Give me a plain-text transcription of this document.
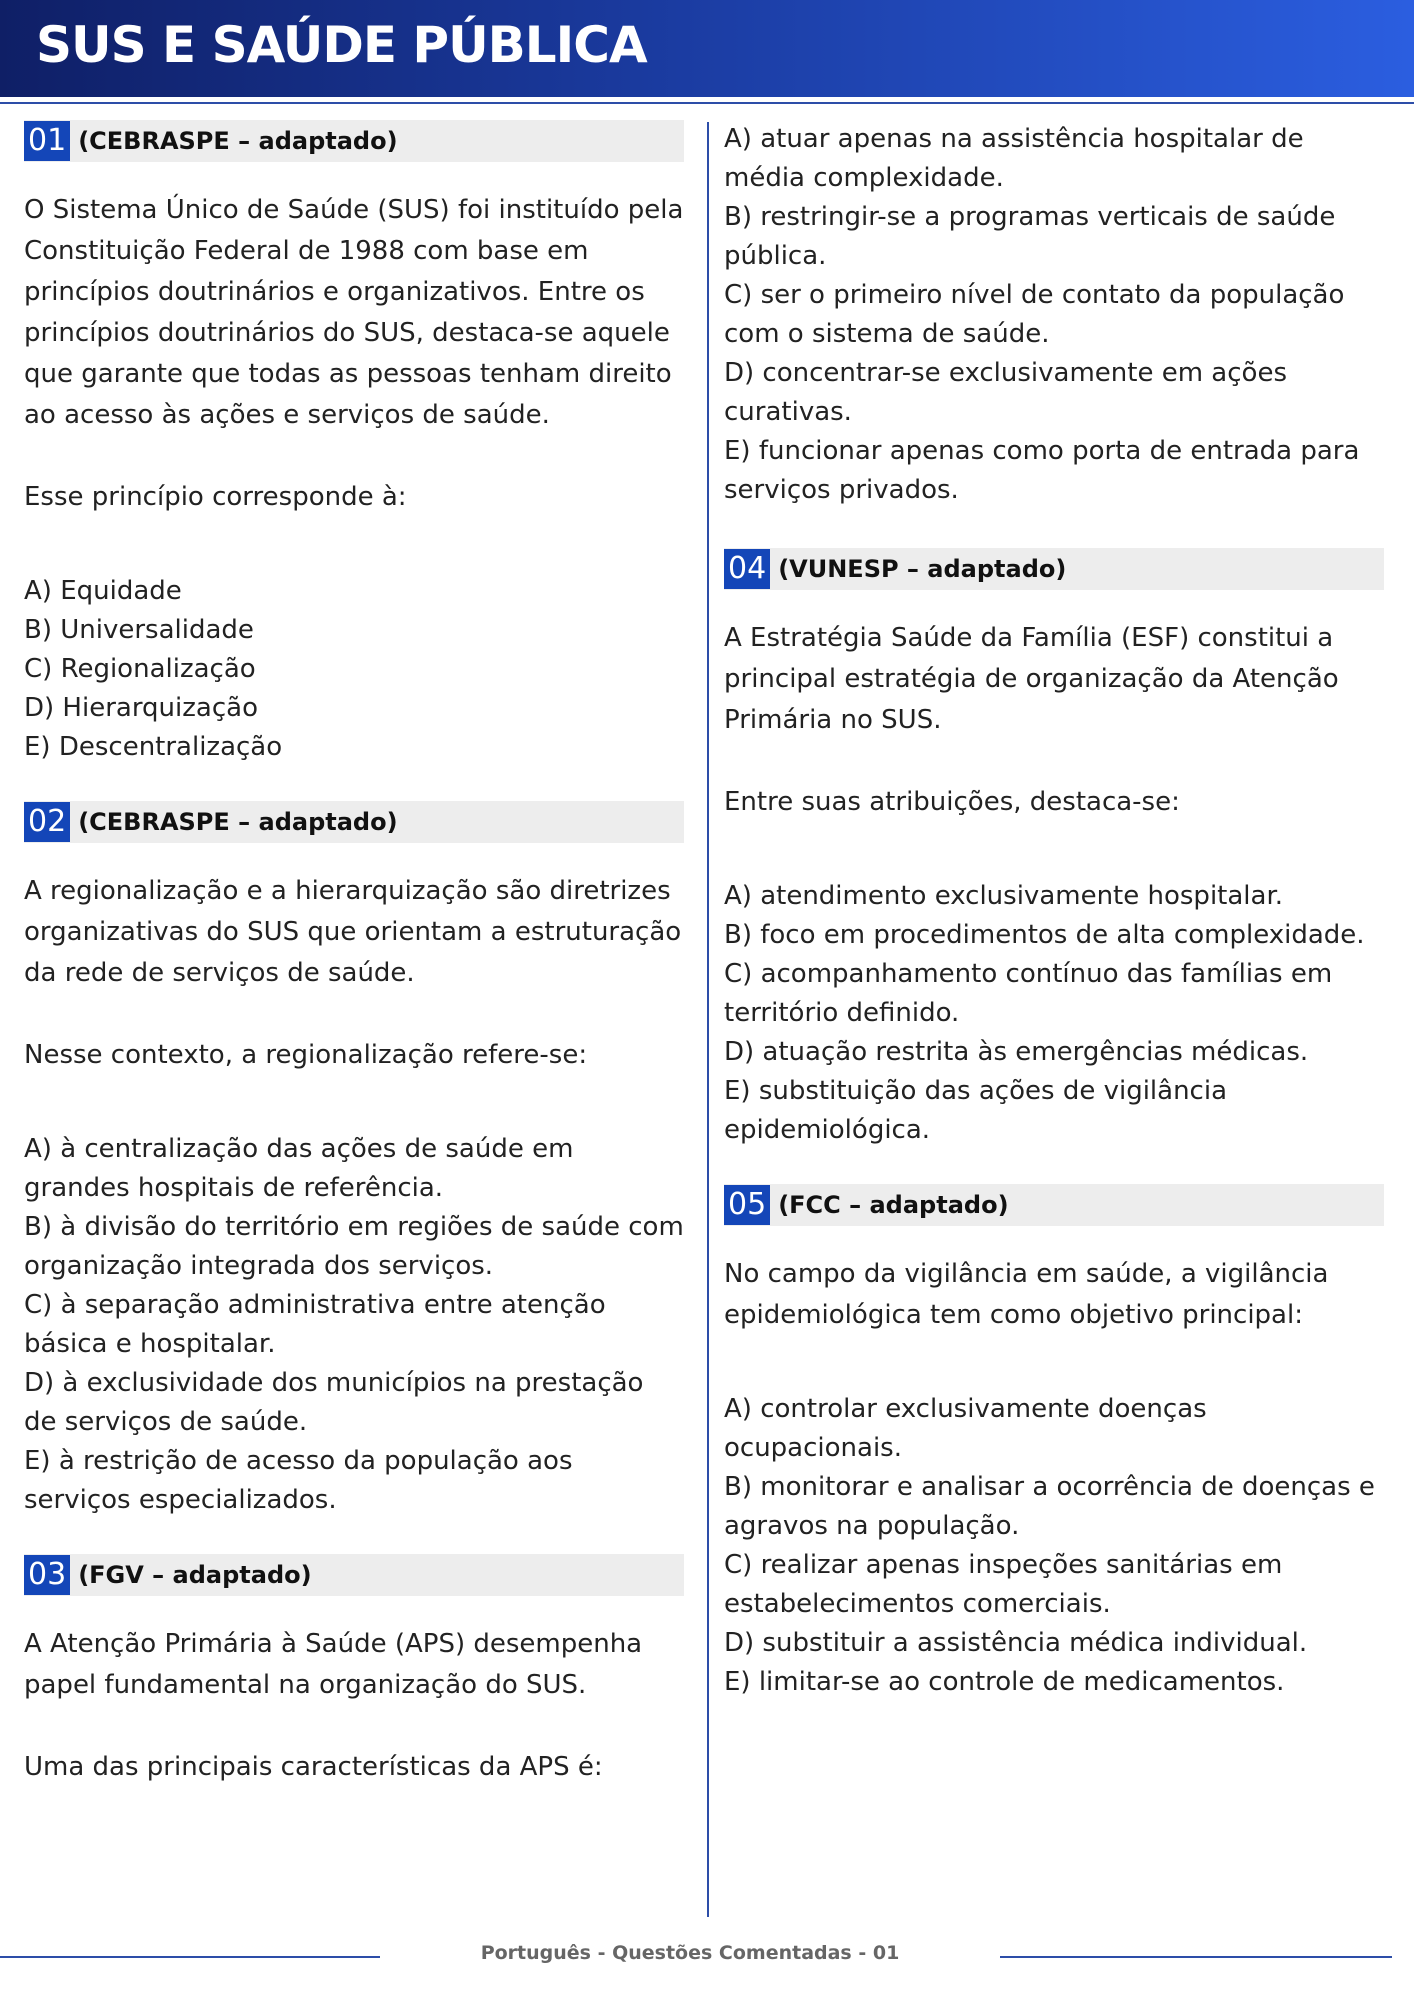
SUS E SAÚDE PÚBLICA
01 (CEBRASPE – adaptado)

O Sistema Único de Saúde (SUS) foi instituído pela Constituição Federal de 1988 com base em princípios doutrinários e organizativos. Entre os princípios doutrinários do SUS, destaca-se aquele que garante que todas as pessoas tenham direito ao acesso às ações e serviços de saúde.

Esse princípio corresponde à:

A) Equidade
B) Universalidade
C) Regionalização
D) Hierarquização
E) Descentralização
02 (CEBRASPE – adaptado)

A regionalização e a hierarquização são diretrizes organizativas do SUS que orientam a estruturação da rede de serviços de saúde.

Nesse contexto, a regionalização refere-se:

A) à centralização das ações de saúde em grandes hospitais de referência.
B) à divisão do território em regiões de saúde com organização integrada dos serviços.
C) à separação administrativa entre atenção básica e hospitalar.
D) à exclusividade dos municípios na prestação de serviços de saúde.
E) à restrição de acesso da população aos serviços especializados.
03 (FGV – adaptado)

A Atenção Primária à Saúde (APS) desempenha papel fundamental na organização do SUS.

Uma das principais características da APS é:

A) atuar apenas na assistência hospitalar de média complexidade.
B) restringir-se a programas verticais de saúde pública.
C) ser o primeiro nível de contato da população com o sistema de saúde.
D) concentrar-se exclusivamente em ações curativas.
E) funcionar apenas como porta de entrada para serviços privados.
04 (VUNESP – adaptado)

A Estratégia Saúde da Família (ESF) constitui a principal estratégia de organização da Atenção Primária no SUS.

Entre suas atribuições, destaca-se:

A) atendimento exclusivamente hospitalar.
B) foco em procedimentos de alta complexidade.
C) acompanhamento contínuo das famílias em território definido.
D) atuação restrita às emergências médicas.
E) substituição das ações de vigilância epidemiológica.
05 (FCC – adaptado)

No campo da vigilância em saúde, a vigilância epidemiológica tem como objetivo principal:

A) controlar exclusivamente doenças ocupacionais.
B) monitorar e analisar a ocorrência de doenças e agravos na população.
C) realizar apenas inspeções sanitárias em estabelecimentos comerciais.
D) substituir a assistência médica individual.
E) limitar-se ao controle de medicamentos.
Português - Questões Comentadas - 01
